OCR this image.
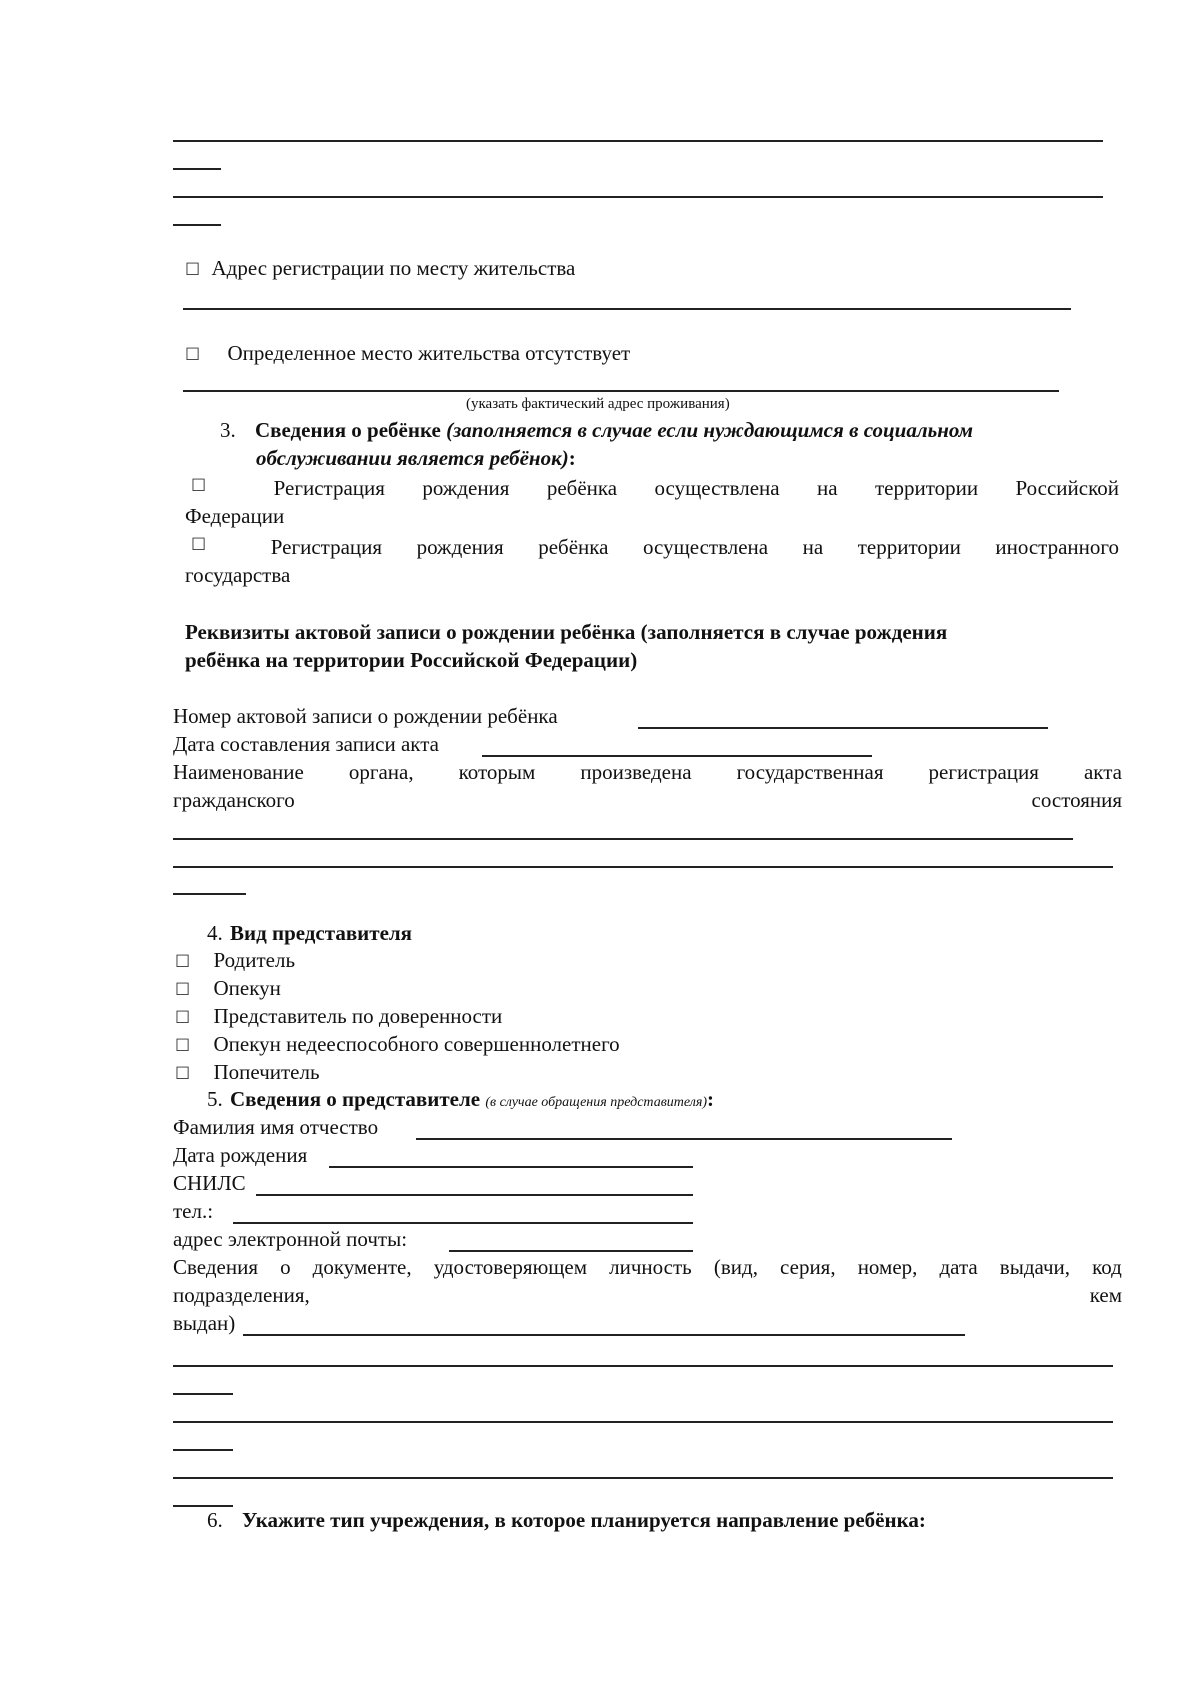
☐ Адрес регистрации по месту жительства
☐ Определенное место жительства отсутствует
(указать фактический адрес проживания)
3. Сведения о ребёнке (заполняется в случае если нуждающимся в социальном
обслуживании является ребёнок):
☐	Регистрация рождения ребёнка осуществлена на территории Российской
Федерации
☐	Регистрация рождения ребёнка осуществлена на территории иностранного
государства
Реквизиты актовой записи о рождении ребёнка (заполняется в случае рождения
ребёнка на территории Российской Федерации)
Номер актовой записи о рождении ребёнка
Дата составления записи акта
Наименование органа, которым произведена государственная регистрация акта
гражданского	состояния
4. Вид представителя
☐ Родитель
☐ Опекун
☐ Представитель по доверенности
☐ Опекун недееспособного совершеннолетнего
☐ Попечитель
5. Сведения о представителе (в случае обращения представителя):
Фамилия имя отчество
Дата рождения
СНИЛС
тел.:
адрес электронной почты:
Сведения о документе, удостоверяющем личность (вид, серия, номер, дата выдачи, код
подразделения,	кем
выдан)
6. Укажите тип учреждения, в которое планируется направление ребёнка:
